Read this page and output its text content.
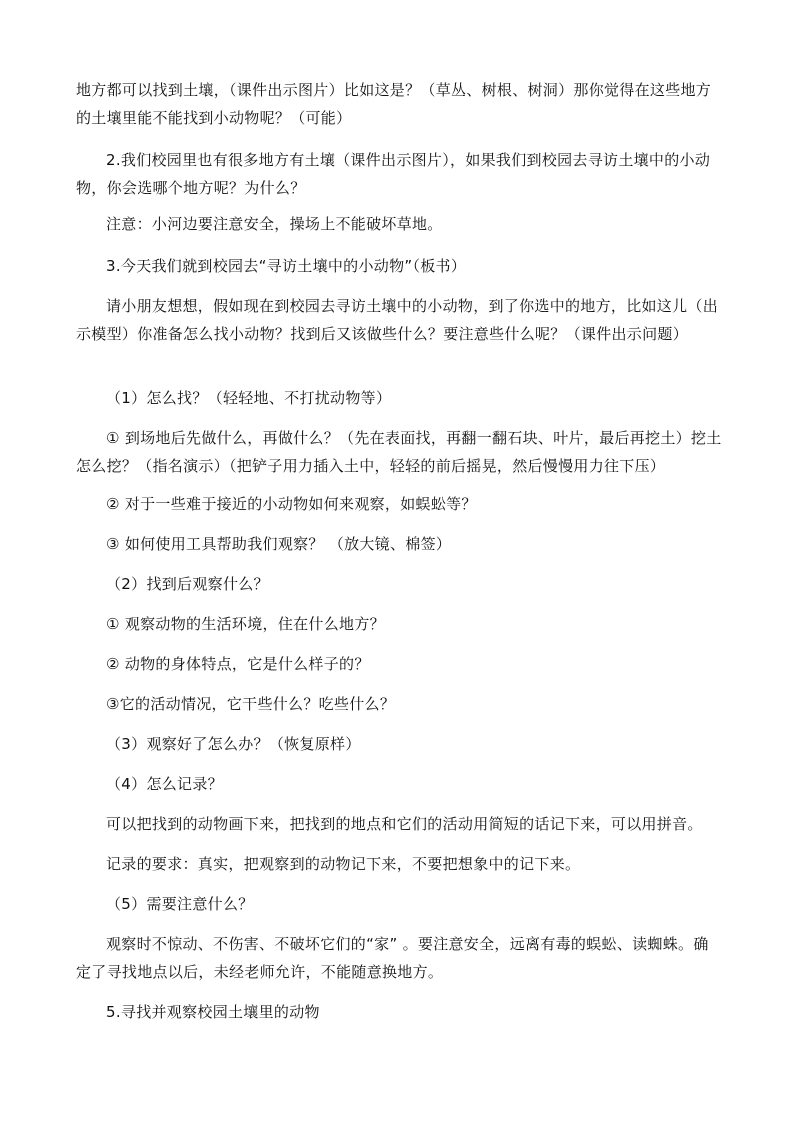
地方都可以找到土壤，（课件出示图片）比如这是？（草丛、树根、树洞）那你觉得在这些地方的土壤里能不能找到小动物呢？（可能）
2.我们校园里也有很多地方有土壤（课件出示图片），如果我们到校园去寻访土壤中的小动物，你会选哪个地方呢？为什么？
注意：小河边要注意安全，操场上不能破坏草地。
3.今天我们就到校园去“寻访土壤中的小动物”（板书）
请小朋友想想，假如现在到校园去寻访土壤中的小动物，到了你选中的地方，比如这儿（出示模型）你准备怎么找小动物？找到后又该做些什么？要注意些什么呢？（课件出示问题）
（1）怎么找？（轻轻地、不打扰动物等）
① 到场地后先做什么，再做什么？（先在表面找，再翻一翻石块、叶片，最后再挖土）挖土怎么挖？（指名演示）（把铲子用力插入土中，轻轻的前后摇晃，然后慢慢用力往下压）
② 对于一些难于接近的小动物如何来观察，如蜈蚣等？
③ 如何使用工具帮助我们观察？ （放大镜、棉签）
（2）找到后观察什么？
① 观察动物的生活环境，住在什么地方？
② 动物的身体特点，它是什么样子的？
③它的活动情况，它干些什么？吃些什么？
（3）观察好了怎么办？（恢复原样）
（4）怎么记录？
可以把找到的动物画下来，把找到的地点和它们的活动用简短的话记下来，可以用拼音。
记录的要求：真实，把观察到的动物记下来，不要把想象中的记下来。
（5）需要注意什么？
观察时不惊动、不伤害、不破坏它们的“家” 。要注意安全，远离有毒的蜈蚣、读蜘蛛。确定了寻找地点以后，未经老师允许，不能随意换地方。
5.寻找并观察校园土壤里的动物
